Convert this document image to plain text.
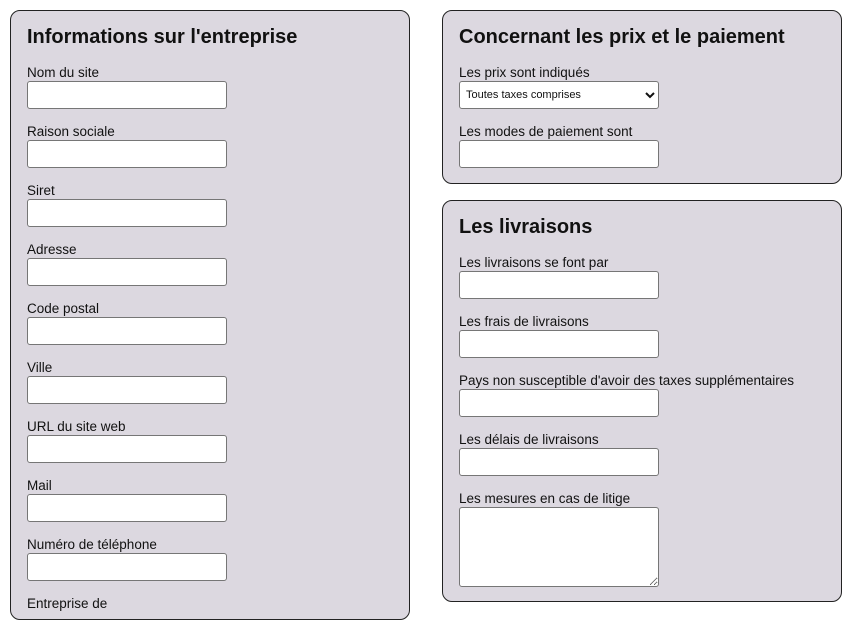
Informations sur l'entreprise
Nom du site
Raison sociale
Siret
Adresse
Code postal
Ville
URL du site web
Mail
Numéro de téléphone
Entreprise de
Concernant les prix et le paiement
Les prix sont indiqués
Toutes taxes comprises
Les modes de paiement sont
Les livraisons
Les livraisons se font par
Les frais de livraisons
Pays non susceptible d'avoir des taxes supplémentaires
Les délais de livraisons
Les mesures en cas de litige
